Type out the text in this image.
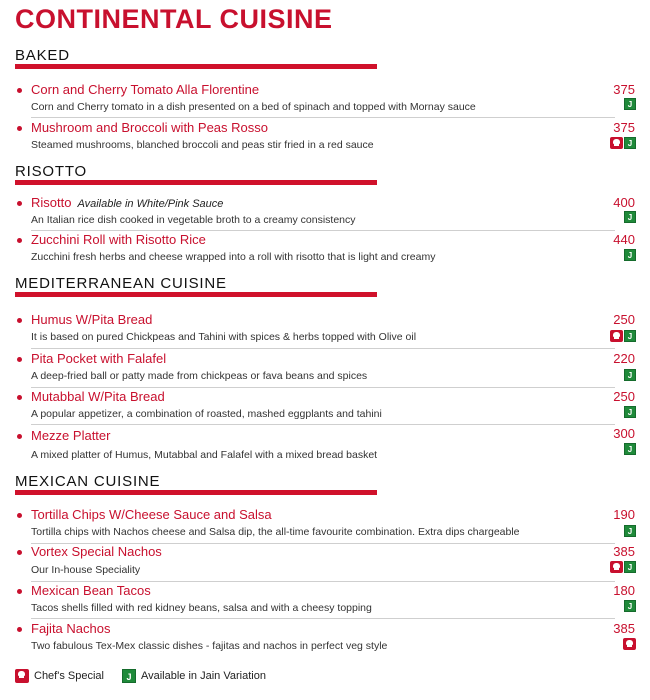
CONTINENTAL CUISINE
BAKED
Corn and Cherry Tomato Alla Florentine	375
Corn and Cherry tomato in a dish presented on a bed of spinach and topped with Mornay sauce	J
Mushroom and Broccoli with Peas Rosso	375
Steamed mushrooms, blanched broccoli and peas stir fried in a red sauce	J
RISOTTO
Risotto Available in White/Pink Sauce	400
An Italian rice dish cooked in vegetable broth to a creamy consistency	J
Zucchini Roll with Risotto Rice	440
Zucchini fresh herbs and cheese wrapped into a roll with risotto that is light and creamy	J
MEDITERRANEAN CUISINE
Humus W/Pita Bread	250
It is based on pured Chickpeas and Tahini with spices & herbs topped with Olive oil	J
Pita Pocket with Falafel	220
A deep-fried ball or patty made from chickpeas or fava beans and spices	J
Mutabbal W/Pita Bread	250
A popular appetizer, a combination of roasted, mashed eggplants and tahini	J
Mezze Platter	300
A mixed platter of Humus, Mutabbal and Falafel with a mixed bread basket	J
MEXICAN CUISINE
Tortilla Chips W/Cheese Sauce and Salsa	190
Tortilla chips with Nachos cheese and Salsa dip, the all-time favourite combination. Extra dips chargeable	J
Vortex Special Nachos	385
Our In-house Speciality	J
Mexican Bean Tacos	180
Tacos shells filled with red kidney beans, salsa and with a cheesy topping	J
Fajita Nachos	385
Two fabulous Tex-Mex classic dishes - fajitas and nachos in perfect veg style
Chef's Special	J Available in Jain Variation
